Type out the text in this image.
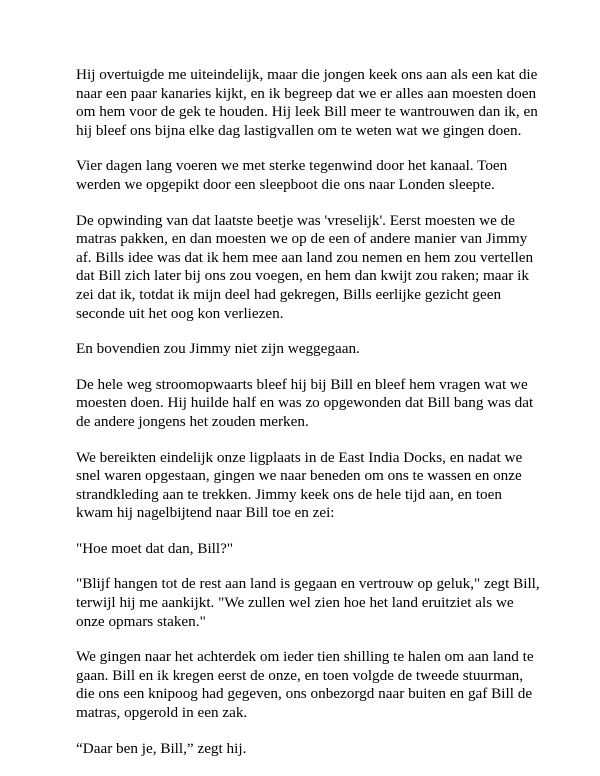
Hij overtuigde me uiteindelijk, maar die jongen keek ons aan als een kat die
naar een paar kanaries kijkt, en ik begreep dat we er alles aan moesten doen
om hem voor de gek te houden. Hij leek Bill meer te wantrouwen dan ik, en
hij bleef ons bijna elke dag lastigvallen om te weten wat we gingen doen.

Vier dagen lang voeren we met sterke tegenwind door het kanaal. Toen
werden we opgepikt door een sleepboot die ons naar Londen sleepte.

De opwinding van dat laatste beetje was 'vreselijk'. Eerst moesten we de
matras pakken, en dan moesten we op de een of andere manier van Jimmy
af. Bills idee was dat ik hem mee aan land zou nemen en hem zou vertellen
dat Bill zich later bij ons zou voegen, en hem dan kwijt zou raken; maar ik
zei dat ik, totdat ik mijn deel had gekregen, Bills eerlijke gezicht geen
seconde uit het oog kon verliezen.

En bovendien zou Jimmy niet zijn weggegaan.

De hele weg stroomopwaarts bleef hij bij Bill en bleef hem vragen wat we
moesten doen. Hij huilde half en was zo opgewonden dat Bill bang was dat
de andere jongens het zouden merken.

We bereikten eindelijk onze ligplaats in de East India Docks, en nadat we
snel waren opgestaan, gingen we naar beneden om ons te wassen en onze
strandkleding aan te trekken. Jimmy keek ons de hele tijd aan, en toen
kwam hij nagelbijtend naar Bill toe en zei:

"Hoe moet dat dan, Bill?"

"Blijf hangen tot de rest aan land is gegaan en vertrouw op geluk," zegt Bill,
terwijl hij me aankijkt. "We zullen wel zien hoe het land eruitziet als we
onze opmars staken."

We gingen naar het achterdek om ieder tien shilling te halen om aan land te
gaan. Bill en ik kregen eerst de onze, en toen volgde de tweede stuurman,
die ons een knipoog had gegeven, ons onbezorgd naar buiten en gaf Bill de
matras, opgerold in een zak.

“Daar ben je, Bill,” zegt hij.
